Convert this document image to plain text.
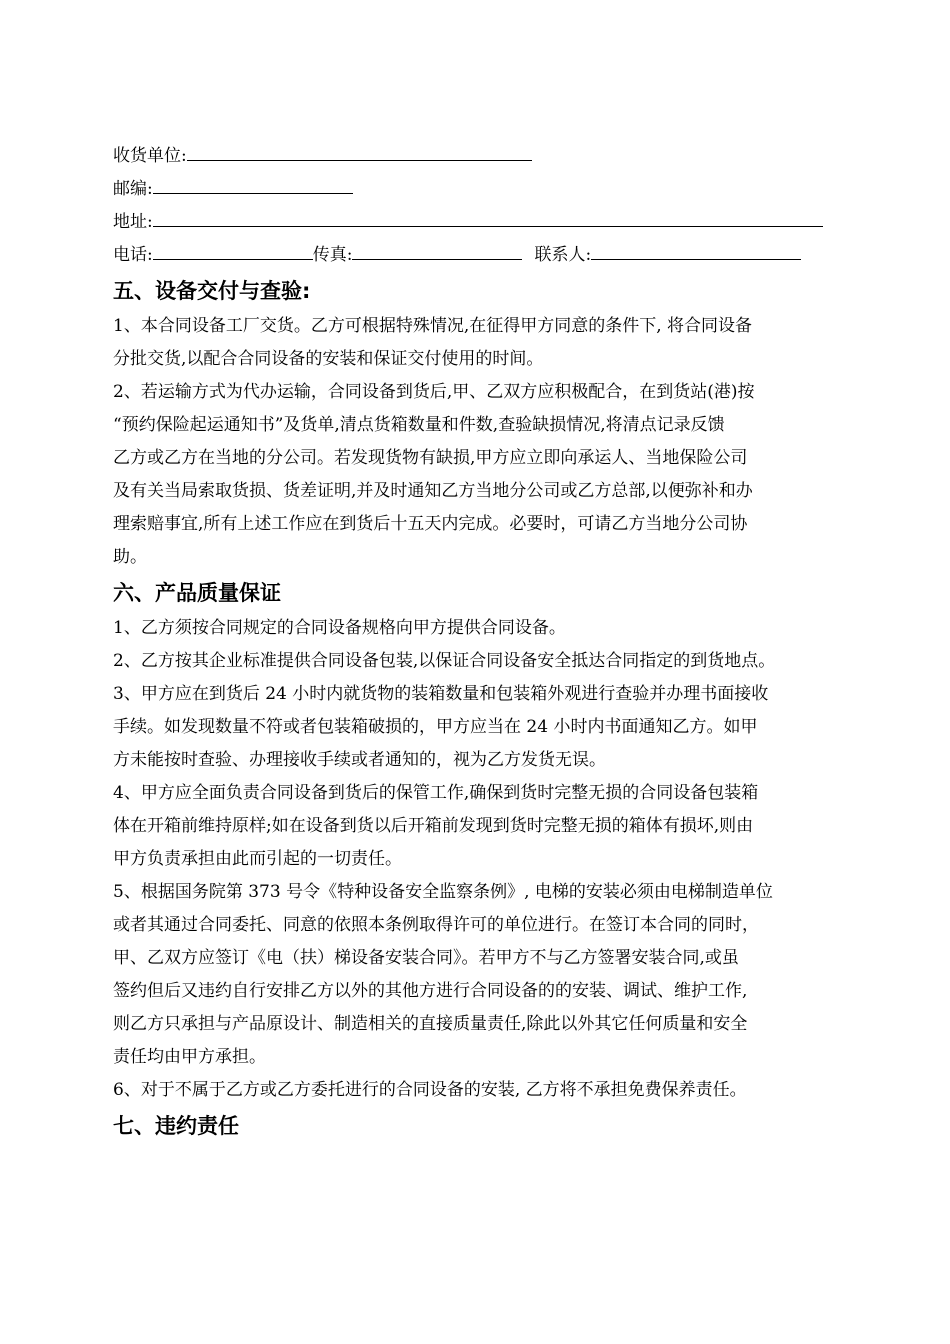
收货单位:
邮编:
地址:
电话:	传真:	联系人:
五、设备交付与查验:

1、本合同设备工厂交货。乙方可根据特殊情况,在征得甲方同意的条件下, 将合同设备

分批交货,以配合合同设备的安装和保证交付使用的时间。

2、若运输方式为代办运输，合同设备到货后,甲、乙双方应积极配合，在到货站(港)按

“预约保险起运通知书”及货单,清点货箱数量和件数,查验缺损情况,将清点记录反馈

乙方或乙方在当地的分公司。若发现货物有缺损,甲方应立即向承运人、当地保险公司

及有关当局索取货损、货差证明,并及时通知乙方当地分公司或乙方总部,以便弥补和办

理索赔事宜,所有上述工作应在到货后十五天内完成。必要时，可请乙方当地分公司协

助。

六、产品质量保证

1、乙方须按合同规定的合同设备规格向甲方提供合同设备。

2、乙方按其企业标准提供合同设备包装,以保证合同设备安全抵达合同指定的到货地点。

3、甲方应在到货后 24 小时内就货物的装箱数量和包装箱外观进行查验并办理书面接收

手续。如发现数量不符或者包装箱破损的，甲方应当在 24 小时内书面通知乙方。如甲

方未能按时查验、办理接收手续或者通知的，视为乙方发货无误。

4、甲方应全面负责合同设备到货后的保管工作,确保到货时完整无损的合同设备包装箱

体在开箱前维持原样;如在设备到货以后开箱前发现到货时完整无损的箱体有损坏,则由

甲方负责承担由此而引起的一切责任。

5、根据国务院第 373 号令《特种设备安全监察条例》, 电梯的安装必须由电梯制造单位

或者其通过合同委托、同意的依照本条例取得许可的单位进行。在签订本合同的同时，

甲、乙双方应签订《电（扶）梯设备安装合同》。若甲方不与乙方签署安装合同,或虽

签约但后又违约自行安排乙方以外的其他方进行合同设备的的安装、调试、维护工作,

则乙方只承担与产品原设计、制造相关的直接质量责任,除此以外其它任何质量和安全

责任均由甲方承担。

6、对于不属于乙方或乙方委托进行的合同设备的安装, 乙方将不承担免费保养责任。

七、违约责任
